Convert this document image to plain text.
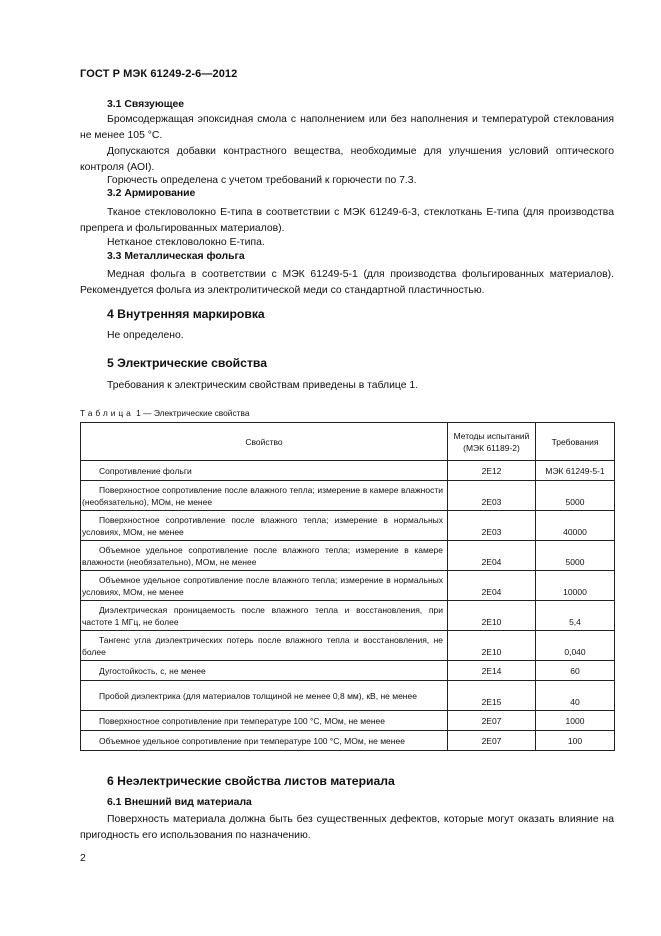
ГОСТ Р МЭК 61249-2-6—2012
3.1 Связующее

Бромсодержащая эпоксидная смола с наполнением или без наполнения и температурой стеклования не менее 105 °С.

Допускаются добавки контрастного вещества, необходимые для улучшения условий оптического контроля (АОI).

Горючесть определена с учетом требований к горючести по 7.3.

3.2 Армирование

Тканое стекловолокно Е-типа в соответствии с МЭК 61249-6-3, стеклоткань Е-типа (для производства препрега и фольгированных материалов).

Нетканое стекловолокно Е-типа.

3.3 Металлическая фольга

Медная фольга в соответствии с МЭК 61249-5-1 (для производства фольгированных материалов). Рекомендуется фольга из электролитической меди со стандартной пластичностью.

4 Внутренняя маркировка

Не определено.

5 Электрические свойства

Требования к электрическим свойствам приведены в таблице 1.

Таблица 1 — Электрические свойства
Свойство	Методы испытаний (МЭК 61189-2)	Требования
Сопротивление фольги	2E12	МЭК 61249-5-1
Поверхностное сопротивление после влажного тепла; измерение в камере влажности (необязательно), МОм, не менее	2E03	5000
Поверхностное сопротивление после влажного тепла; измерение в нормальных условиях, МОм, не менее	2E03	40000
Объемное удельное сопротивление после влажного тепла; измерение в камере влажности (необязательно), МОм, не менее	2E04	5000
Объемное удельное сопротивление после влажного тепла; измерение в нормальных условиях, МОм, не менее	2E04	10000
Диэлектрическая проницаемость после влажного тепла и восстановления, при частоте 1 МГц, не более	2E10	5,4
Тангенс угла диэлектрических потерь после влажного тепла и восстановления, не более	2E10	0,040
Дугостойкость, с, не менее	2E14	60
Пробой диэлектрика (для материалов толщиной не менее 0,8 мм), кВ, не менее	2E15	40
Поверхностное сопротивление при температуре 100 °С, МОм, не менее	2E07	1000
Объемное удельное сопротивление при температуре 100 °С, МОм, не менее	2E07	100
6 Неэлектрические свойства листов материала
6.1 Внешний вид материала

Поверхность материала должна быть без существенных дефектов, которые могут оказать влияние на пригодность его использования по назначению.

2
